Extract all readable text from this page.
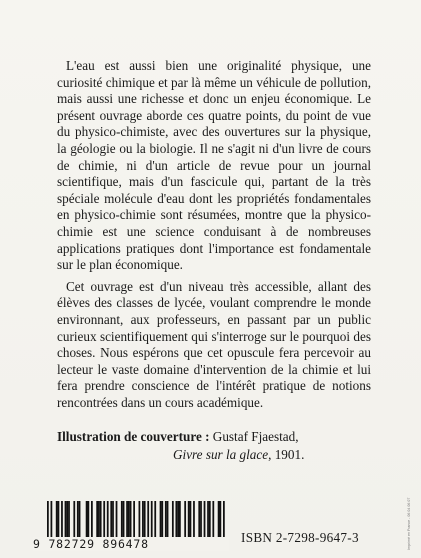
L'eau est aussi bien une originalité physique, une curiosité chimique et par là même un véhicule de pollution, mais aussi une richesse et donc un enjeu économique. Le présent ouvrage aborde ces quatre points, du point de vue du physico-chimiste, avec des ouvertures sur la physique, la géologie ou la biologie. Il ne s'agit ni d'un livre de cours de chimie, ni d'un article de revue pour un journal scientifique, mais d'un fascicule qui, partant de la très spéciale molécule d'eau dont les propriétés fondamentales en physico-chimie sont résumées, montre que la physico-chimie est une science conduisant à de nombreuses applications pratiques dont l'importance est fondamentale sur le plan économique.

Cet ouvrage est d'un niveau très accessible, allant des élèves des classes de lycée, voulant comprendre le monde environnant, aux professeurs, en passant par un public curieux scientifiquement qui s'interroge sur le pourquoi des choses. Nous espérons que cet opuscule fera percevoir au lecteur le vaste domaine d'intervention de la chimie et lui fera prendre conscience de l'intérêt pratique de notions rencontrées dans un cours académique.

Illustration de couverture : Gustaf Fjaestad,
Givre sur la glace, 1901.
9 782729 896478	ISBN 2-7298-9647-3	Imprimé en France - 06 04 06 07
